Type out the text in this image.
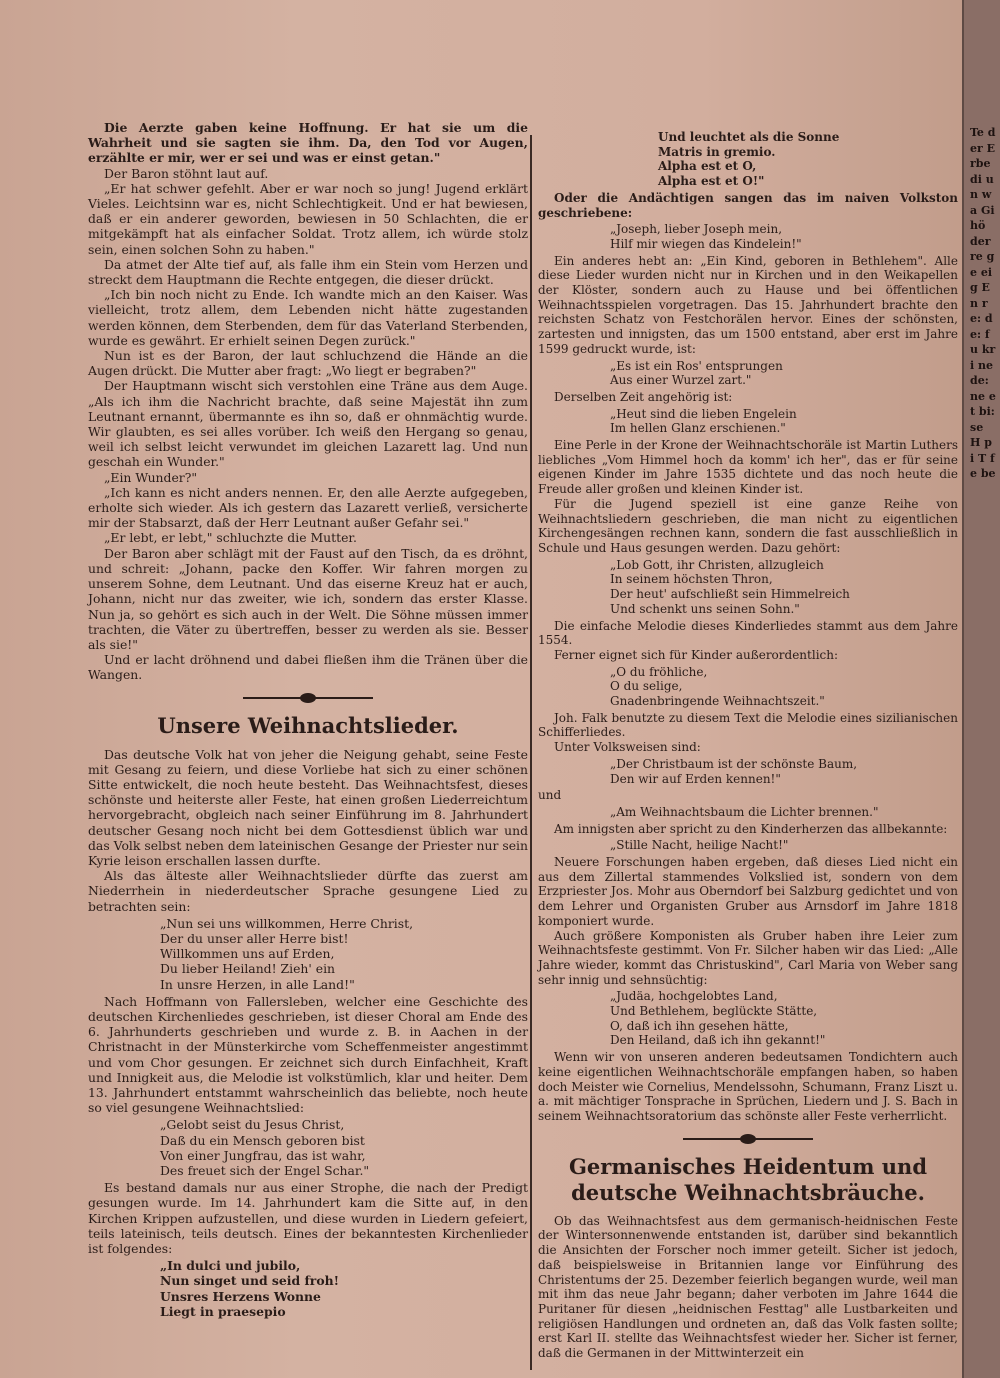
Die Aerzte gaben keine Hoffnung. Er hat sie um die Wahrheit und sie sagten sie ihm. Da, den Tod vor Augen, erzählte er mir, wer er sei und was er einst getan."

Der Baron stöhnt laut auf.

„Er hat schwer gefehlt. Aber er war noch so jung! Jugend erklärt Vieles. Leichtsinn war es, nicht Schlechtigkeit. Und er hat bewiesen, daß er ein anderer geworden, bewiesen in 50 Schlachten, die er mitgekämpft hat als einfacher Soldat. Trotz allem, ich würde stolz sein, einen solchen Sohn zu haben."

Da atmet der Alte tief auf, als falle ihm ein Stein vom Herzen und streckt dem Hauptmann die Rechte entgegen, die dieser drückt.

„Ich bin noch nicht zu Ende. Ich wandte mich an den Kaiser. Was vielleicht, trotz allem, dem Lebenden nicht hätte zugestanden werden können, dem Sterbenden, dem für das Vaterland Sterbenden, wurde es gewährt. Er erhielt seinen Degen zurück."

Nun ist es der Baron, der laut schluchzend die Hände an die Augen drückt. Die Mutter aber fragt: „Wo liegt er begraben?"

Der Hauptmann wischt sich verstohlen eine Träne aus dem Auge. „Als ich ihm die Nachricht brachte, daß seine Majestät ihn zum Leutnant ernannt, übermannte es ihn so, daß er ohnmächtig wurde. Wir glaubten, es sei alles vorüber. Ich weiß den Hergang so genau, weil ich selbst leicht verwundet im gleichen Lazarett lag. Und nun geschah ein Wunder."

„Ein Wunder?"

„Ich kann es nicht anders nennen. Er, den alle Aerzte aufgegeben, erholte sich wieder. Als ich gestern das Lazarett verließ, versicherte mir der Stabsarzt, daß der Herr Leutnant außer Gefahr sei."

„Er lebt, er lebt," schluchzte die Mutter.

Der Baron aber schlägt mit der Faust auf den Tisch, da es dröhnt, und schreit: „Johann, packe den Koffer. Wir fahren morgen zu unserem Sohne, dem Leutnant. Und das eiserne Kreuz hat er auch, Johann, nicht nur das zweiter, wie ich, sondern das erster Klasse. Nun ja, so gehört es sich auch in der Welt. Die Söhne müssen immer trachten, die Väter zu übertreffen, besser zu werden als sie. Besser als sie!"

Und er lacht dröhnend und dabei fließen ihm die Tränen über die Wangen.

Unsere Weihnachtslieder.

Das deutsche Volk hat von jeher die Neigung gehabt, seine Feste mit Gesang zu feiern, und diese Vorliebe hat sich zu einer schönen Sitte entwickelt, die noch heute besteht. Das Weihnachtsfest, dieses schönste und heiterste aller Feste, hat einen großen Liederreichtum hervorgebracht, obgleich nach seiner Einführung im 8. Jahrhundert deutscher Gesang noch nicht bei dem Gottesdienst üblich war und das Volk selbst neben dem lateinischen Gesange der Priester nur sein Kyrie leison erschallen lassen durfte.

Als das älteste aller Weihnachtslieder dürfte das zuerst am Niederrhein in niederdeutscher Sprache gesungene Lied zu betrachten sein:

„Nun sei uns willkommen, Herre Christ,
Der du unser aller Herre bist!
Willkommen uns auf Erden,
Du lieber Heiland! Zieh' ein
In unsre Herzen, in alle Land!"

Nach Hoffmann von Fallersleben, welcher eine Geschichte des deutschen Kirchenliedes geschrieben, ist dieser Choral am Ende des 6. Jahrhunderts geschrieben und wurde z. B. in Aachen in der Christnacht in der Münsterkirche vom Scheffenmeister angestimmt und vom Chor gesungen. Er zeichnet sich durch Einfachheit, Kraft und Innigkeit aus, die Melodie ist volkstümlich, klar und heiter. Dem 13. Jahrhundert entstammt wahrscheinlich das beliebte, noch heute so viel gesungene Weihnachtslied:

„Gelobt seist du Jesus Christ,
Daß du ein Mensch geboren bist
Von einer Jungfrau, das ist wahr,
Des freuet sich der Engel Schar."

Es bestand damals nur aus einer Strophe, die nach der Predigt gesungen wurde. Im 14. Jahrhundert kam die Sitte auf, in den Kirchen Krippen aufzustellen, und diese wurden in Liedern gefeiert, teils lateinisch, teils deutsch. Eines der bekanntesten Kirchenlieder ist folgendes:

„In dulci und jubilo,
Nun singet und seid froh!
Unsres Herzens Wonne
Liegt in praesepio
Und leuchtet als die Sonne
Matris in gremio.
Alpha est et O,
Alpha est et O!"

Oder die Andächtigen sangen das im naiven Volkston geschriebene:

„Joseph, lieber Joseph mein,
Hilf mir wiegen das Kindelein!"

Ein anderes hebt an: „Ein Kind, geboren in Bethlehem". Alle diese Lieder wurden nicht nur in Kirchen und in den Weikapellen der Klöster, sondern auch zu Hause und bei öffentlichen Weihnachtsspielen vorgetragen. Das 15. Jahrhundert brachte den reichsten Schatz von Festchorälen hervor. Eines der schönsten, zartesten und innigsten, das um 1500 entstand, aber erst im Jahre 1599 gedruckt wurde, ist:

„Es ist ein Ros' entsprungen
Aus einer Wurzel zart."

Derselben Zeit angehörig ist:

„Heut sind die lieben Engelein
Im hellen Glanz erschienen."

Eine Perle in der Krone der Weihnachtschoräle ist Martin Luthers liebliches „Vom Himmel hoch da komm' ich her", das er für seine eigenen Kinder im Jahre 1535 dichtete und das noch heute die Freude aller großen und kleinen Kinder ist.

Für die Jugend speziell ist eine ganze Reihe von Weihnachtsliedern geschrieben, die man nicht zu eigentlichen Kirchengesängen rechnen kann, sondern die fast ausschließlich in Schule und Haus gesungen werden. Dazu gehört:

„Lob Gott, ihr Christen, allzugleich
In seinem höchsten Thron,
Der heut' aufschließt sein Himmelreich
Und schenkt uns seinen Sohn."

Die einfache Melodie dieses Kinderliedes stammt aus dem Jahre 1554.

Ferner eignet sich für Kinder außerordentlich:

„O du fröhliche,
O du selige,
Gnadenbringende Weihnachtszeit."

Joh. Falk benutzte zu diesem Text die Melodie eines sizilianischen Schifferliedes.

Unter Volksweisen sind:

„Der Christbaum ist der schönste Baum,
Den wir auf Erden kennen!"

und

„Am Weihnachtsbaum die Lichter brennen."

Am innigsten aber spricht zu den Kinderherzen das allbekannte:

„Stille Nacht, heilige Nacht!"

Neuere Forschungen haben ergeben, daß dieses Lied nicht ein aus dem Zillertal stammendes Volkslied ist, sondern von dem Erzpriester Jos. Mohr aus Oberndorf bei Salzburg gedichtet und von dem Lehrer und Organisten Gruber aus Arnsdorf im Jahre 1818 komponiert wurde.

Auch größere Komponisten als Gruber haben ihre Leier zum Weihnachtsfeste gestimmt. Von Fr. Silcher haben wir das Lied: „Alle Jahre wieder, kommt das Christuskind", Carl Maria von Weber sang sehr innig und sehnsüchtig:

„Judäa, hochgelobtes Land,
Und Bethlehem, beglückte Stätte,
O, daß ich ihn gesehen hätte,
Den Heiland, daß ich ihn gekannt!"

Wenn wir von unseren anderen bedeutsamen Tondichtern auch keine eigentlichen Weihnachtschoräle empfangen haben, so haben doch Meister wie Cornelius, Mendelssohn, Schumann, Franz Liszt u. a. mit mächtiger Tonsprache in Sprüchen, Liedern und J. S. Bach in seinem Weihnachtsoratorium das schönste aller Feste verherrlicht.

Germanisches Heidentum und deutsche Weihnachtsbräuche.

Ob das Weihnachtsfest aus dem germanisch-heidnischen Feste der Wintersonnenwende entstanden ist, darüber sind bekanntlich die Ansichten der Forscher noch immer geteilt. Sicher ist jedoch, daß beispielsweise in Britannien lange vor Einführung des Christentums der 25. Dezember feierlich begangen wurde, weil man mit ihm das neue Jahr begann; daher verboten im Jahre 1644 die Puritaner für diesen „heidnischen Festtag" alle Lustbarkeiten und religiösen Handlungen und ordneten an, daß das Volk fasten sollte; erst Karl II. stellte das Weihnachtsfest wieder her. Sicher ist ferner, daß die Germanen in der Mittwinterzeit ein

Te der Erbe di un wa Gi hö der re ge eig En re: de: fu kri ne de: ne et bi: se H pi T fe be
